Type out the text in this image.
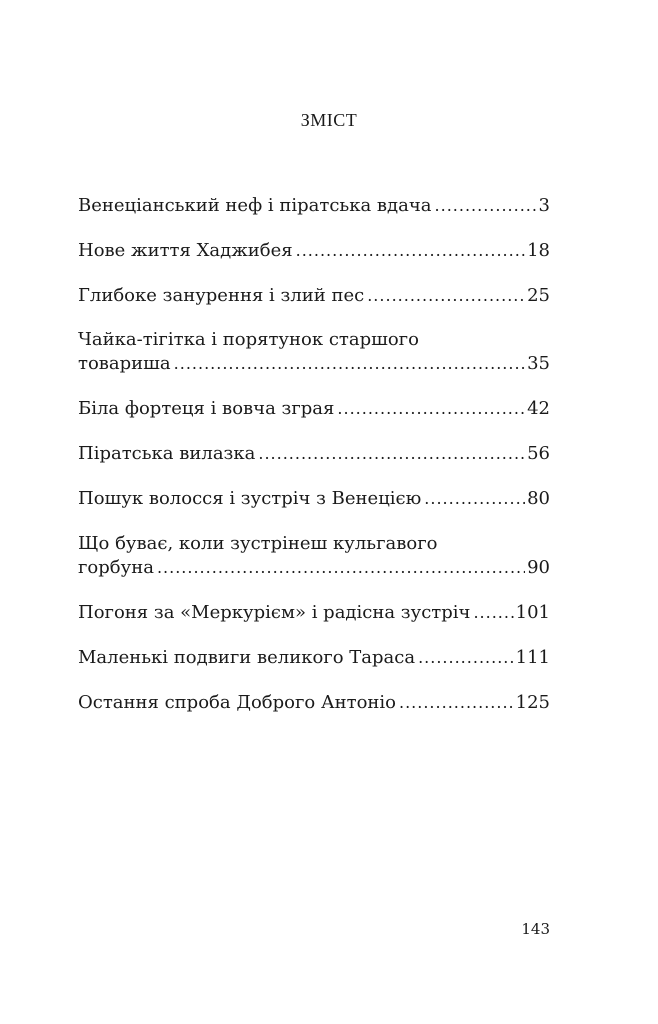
ЗМІСТ
Венеціанський неф і піратська вдача .....	3
Нове життя Хаджибея .....	18
Глибоке занурення і злий пес .....	25
Чайка-тігітка і порятунок старшого
товариша .....	35
Біла фортеця і вовча зграя .....	42
Піратська вилазка .....	56
Пошук волосся і зустріч з Венецією .....	80
Що буває, коли зустрінеш кульгавого
горбуна .....	90
Погоня за «Меркурієм» і радісна зустріч .....	101
Маленькі подвиги великого Тараса .....	111
Остання спроба Доброго Антоніо .....	125
143
